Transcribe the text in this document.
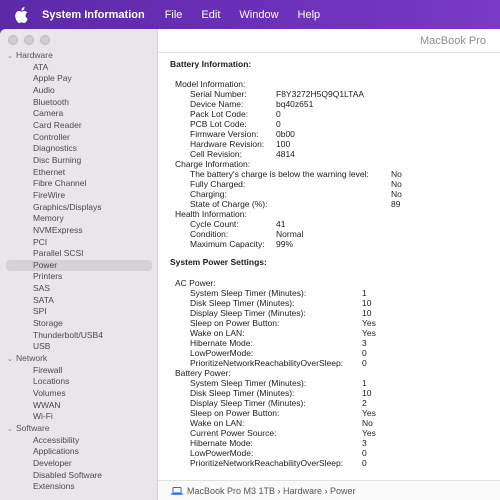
System Information File Edit Window Help
⌄ Hardware
ATA
Apple Pay
Audio
Bluetooth
Camera
Card Reader
Controller
Diagnostics
Disc Burning
Ethernet
Fibre Channel
FireWire
Graphics/Displays
Memory
NVMExpress
PCI
Parallel SCSI
Power
Printers
SAS
SATA
SPI
Storage
Thunderbolt/USB4
USB
⌄ Network
Firewall
Locations
Volumes
WWAN
Wi-Fi
⌄ Software
Accessibility
Applications
Developer
Disabled Software
Extensions
MacBook Pro
Battery Information:
Model Information:
Serial Number:	F8Y3272H5Q9Q1LTAA
Device Name:	bq40z651
Pack Lot Code:	0
PCB Lot Code:	0
Firmware Version:	0b00
Hardware Revision:	100
Cell Revision:	4814
Charge Information:
The battery's charge is below the warning level:	No
Fully Charged:	No
Charging:	No
State of Charge (%):	89
Health Information:
Cycle Count:	41
Condition:	Normal
Maximum Capacity:	99%
System Power Settings:
AC Power:
System Sleep Timer (Minutes):	1
Disk Sleep Timer (Minutes):	10
Display Sleep Timer (Minutes):	10
Sleep on Power Button:	Yes
Wake on LAN:	Yes
Hibernate Mode:	3
LowPowerMode:	0
PrioritizeNetworkReachabilityOverSleep:	0
Battery Power:
System Sleep Timer (Minutes):	1
Disk Sleep Timer (Minutes):	10
Display Sleep Timer (Minutes):	2
Sleep on Power Button:	Yes
Wake on LAN:	No
Current Power Source:	Yes
Hibernate Mode:	3
LowPowerMode:	0
PrioritizeNetworkReachabilityOverSleep:	0
MacBook Pro M3 1TB › Hardware › Power
